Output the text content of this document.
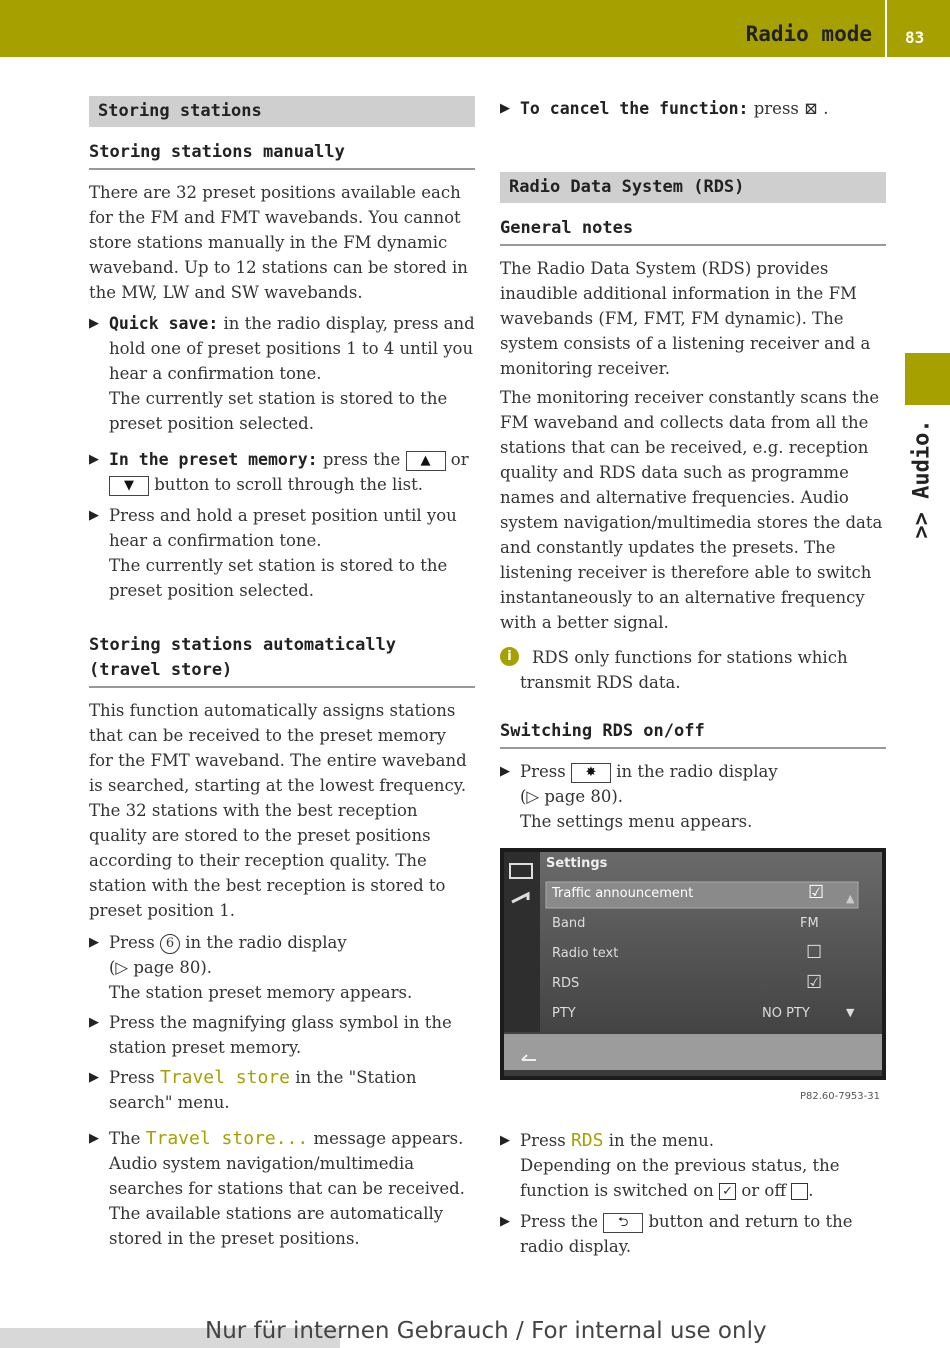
Radio mode 83
>> Audio.
Storing stations
Storing stations manually

There are 32 preset positions available each for the FM and FMT wavebands. You cannot store stations manually in the FM dynamic waveband. Up to 12 stations can be stored in the MW, LW and SW wavebands.

▶ Quick save: in the radio display, press and hold one of preset positions 1 to 4 until you hear a confirmation tone.
The currently set station is stored to the preset position selected.
▶ In the preset memory: press the ▲ or ▼ button to scroll through the list.
▶ Press and hold a preset position until you hear a confirmation tone.
The currently set station is stored to the preset position selected.
Storing stations automatically (travel store)

This function automatically assigns stations that can be received to the preset memory for the FMT waveband. The entire waveband is searched, starting at the lowest frequency. The 32 stations with the best reception quality are stored to the preset positions according to their reception quality. The station with the best reception is stored to preset position 1.

▶ Press 6 in the radio display
(▷ page 80).
The station preset memory appears.
▶ Press the magnifying glass symbol in the station preset memory.
▶ Press Travel store in the "Station search" menu.
▶ The Travel store... message appears.
Audio system navigation/multimedia searches for stations that can be received. The available stations are automatically stored in the preset positions.
▶ To cancel the function: press ⊠ .
Radio Data System (RDS)
General notes

The Radio Data System (RDS) provides inaudible additional information in the FM wavebands (FM, FMT, FM dynamic). The system consists of a listening receiver and a monitoring receiver.

The monitoring receiver constantly scans the FM waveband and collects data from all the stations that can be received, e.g. reception quality and RDS data such as programme names and alternative frequencies. Audio system navigation/multimedia stores the data and constantly updates the presets. The listening receiver is therefore able to switch instantaneously to an alternative frequency with a better signal.

i	RDS only functions for stations which transmit RDS data.
Switching RDS on/off
▶ Press ✸ in the radio display
(▷ page 80).
The settings menu appears.
Settings
Traffic announcement	☑
Band	FM
Radio text	☐
RDS	☑
PTY	NO PTY
▲
▼
P82.60-7953-31
▶ Press RDS in the menu.
Depending on the previous status, the function is switched on ✓ or off .
▶ Press the ⮌ button and return to the radio display.
Nur für internen Gebrauch / For internal use only
